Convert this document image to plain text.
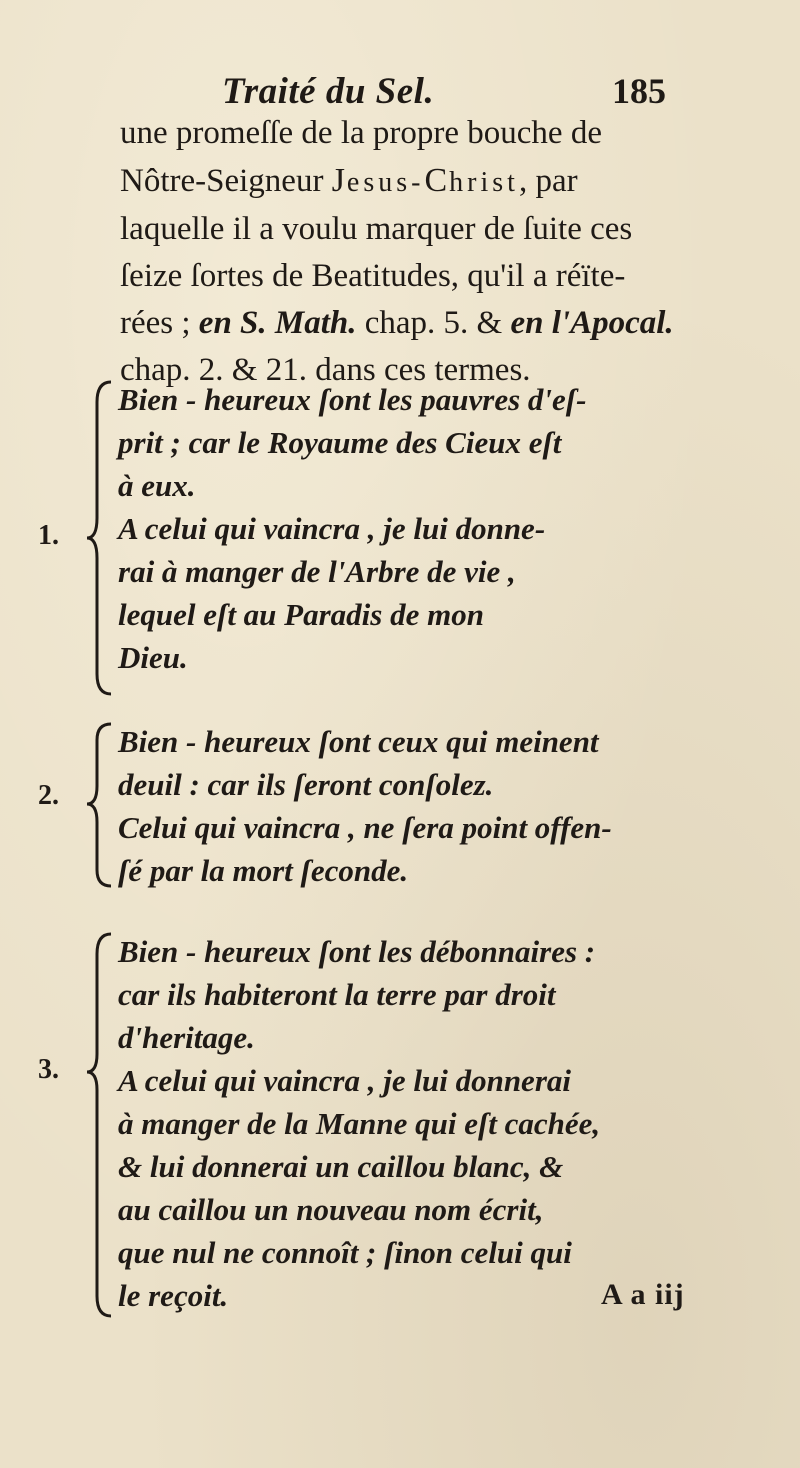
Traité du Sel.	185
une promeſſe de la propre bouche de
Nôtre-Seigneur Jesus-Christ, par
laquelle il a voulu marquer de ſuite ces
ſeize ſortes de Beatitudes, qu'il a réïte-
rées ; en S. Math. chap. 5. & en l'Apocal.
chap. 2. & 21. dans ces termes.
1.
Bien - heureux ſont les pauvres d'eſ-
prit ; car le Royaume des Cieux eſt
à eux.
A celui qui vaincra , je lui donne-
rai à manger de l'Arbre de vie ,
lequel eſt au Paradis de mon
Dieu.
2.
Bien - heureux ſont ceux qui meinent
deuil : car ils ſeront conſolez.
Celui qui vaincra , ne ſera point offen-
ſé par la mort ſeconde.
3.
Bien - heureux ſont les débonnaires :
car ils habiteront la terre par droit
d'heritage.
A celui qui vaincra , je lui donnerai
à manger de la Manne qui eſt cachée,
& lui donnerai un caillou blanc, &
au caillou un nouveau nom écrit,
que nul ne connoît ; ſinon celui qui
le reçoit.	A a iij
